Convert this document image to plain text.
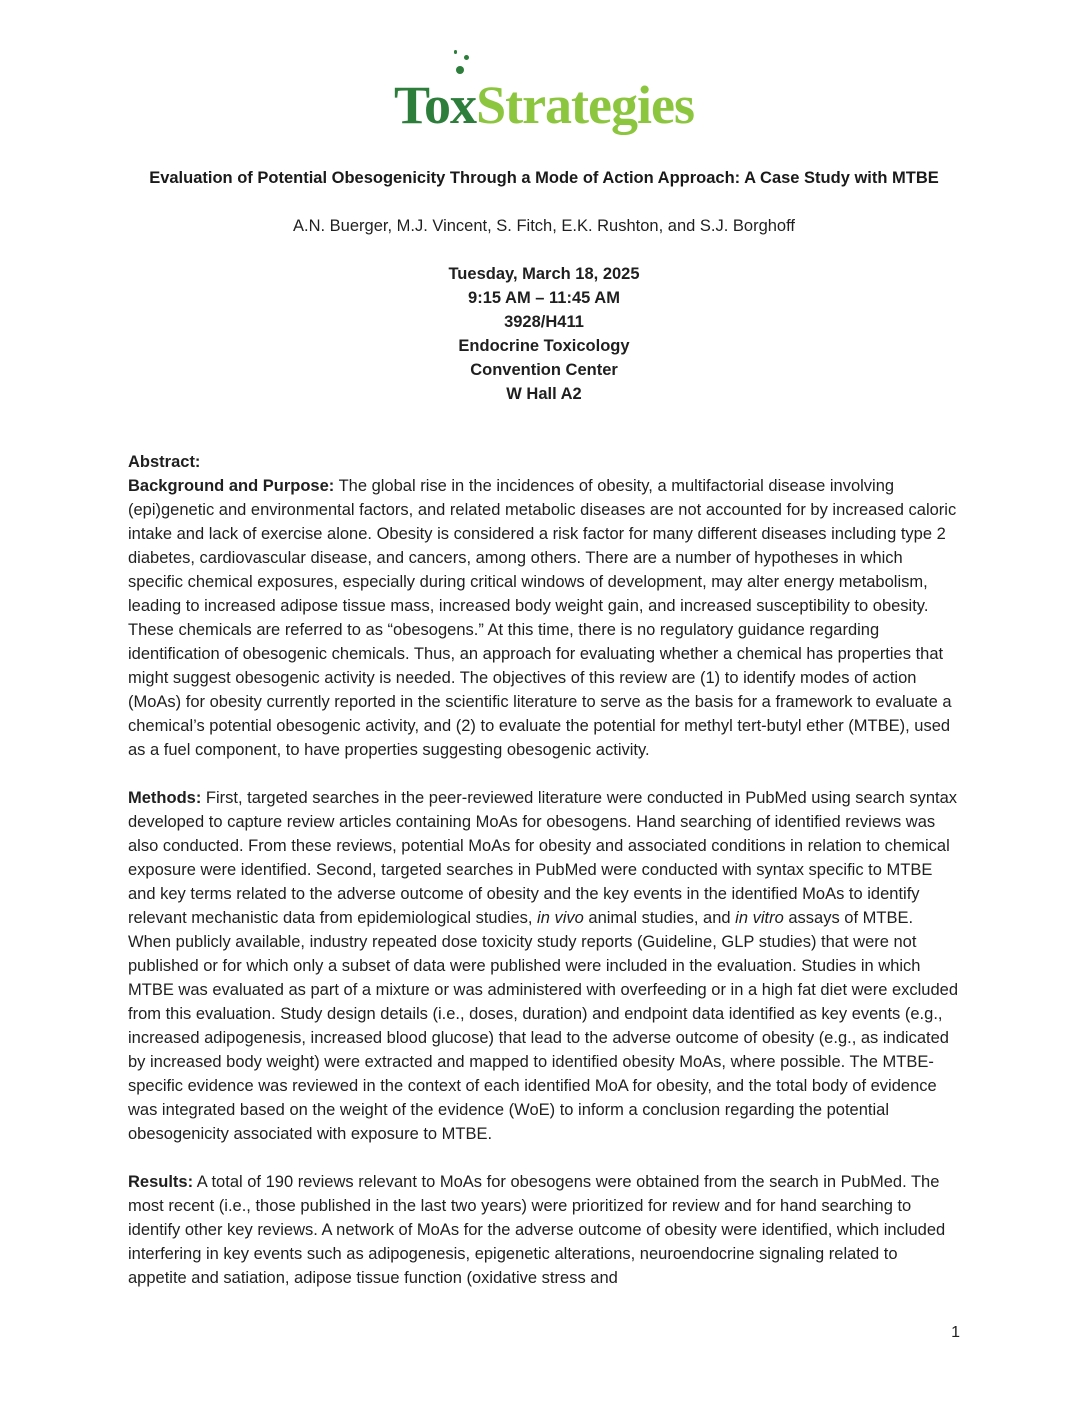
ToxStrategies
Evaluation of Potential Obesogenicity Through a Mode of Action Approach: A Case Study with MTBE
A.N. Buerger, M.J. Vincent, S. Fitch, E.K. Rushton, and S.J. Borghoff
Tuesday, March 18, 2025
9:15 AM – 11:45 AM
3928/H411
Endocrine Toxicology
Convention Center
W Hall A2
Abstract:
Background and Purpose: The global rise in the incidences of obesity, a multifactorial disease involving (epi)genetic and environmental factors, and related metabolic diseases are not accounted for by increased caloric intake and lack of exercise alone. Obesity is considered a risk factor for many different diseases including type 2 diabetes, cardiovascular disease, and cancers, among others. There are a number of hypotheses in which specific chemical exposures, especially during critical windows of development, may alter energy metabolism, leading to increased adipose tissue mass, increased body weight gain, and increased susceptibility to obesity. These chemicals are referred to as “obesogens.” At this time, there is no regulatory guidance regarding identification of obesogenic chemicals. Thus, an approach for evaluating whether a chemical has properties that might suggest obesogenic activity is needed. The objectives of this review are (1) to identify modes of action (MoAs) for obesity currently reported in the scientific literature to serve as the basis for a framework to evaluate a chemical’s potential obesogenic activity, and (2) to evaluate the potential for methyl tert-butyl ether (MTBE), used as a fuel component, to have properties suggesting obesogenic activity.
Methods: First, targeted searches in the peer-reviewed literature were conducted in PubMed using search syntax developed to capture review articles containing MoAs for obesogens. Hand searching of identified reviews was also conducted. From these reviews, potential MoAs for obesity and associated conditions in relation to chemical exposure were identified. Second, targeted searches in PubMed were conducted with syntax specific to MTBE and key terms related to the adverse outcome of obesity and the key events in the identified MoAs to identify relevant mechanistic data from epidemiological studies, in vivo animal studies, and in vitro assays of MTBE. When publicly available, industry repeated dose toxicity study reports (Guideline, GLP studies) that were not published or for which only a subset of data were published were included in the evaluation. Studies in which MTBE was evaluated as part of a mixture or was administered with overfeeding or in a high fat diet were excluded from this evaluation. Study design details (i.e., doses, duration) and endpoint data identified as key events (e.g., increased adipogenesis, increased blood glucose) that lead to the adverse outcome of obesity (e.g., as indicated by increased body weight) were extracted and mapped to identified obesity MoAs, where possible. The MTBE-specific evidence was reviewed in the context of each identified MoA for obesity, and the total body of evidence was integrated based on the weight of the evidence (WoE) to inform a conclusion regarding the potential obesogenicity associated with exposure to MTBE.
Results: A total of 190 reviews relevant to MoAs for obesogens were obtained from the search in PubMed. The most recent (i.e., those published in the last two years) were prioritized for review and for hand searching to identify other key reviews. A network of MoAs for the adverse outcome of obesity were identified, which included interfering in key events such as adipogenesis, epigenetic alterations, neuroendocrine signaling related to appetite and satiation, adipose tissue function (oxidative stress and
1
